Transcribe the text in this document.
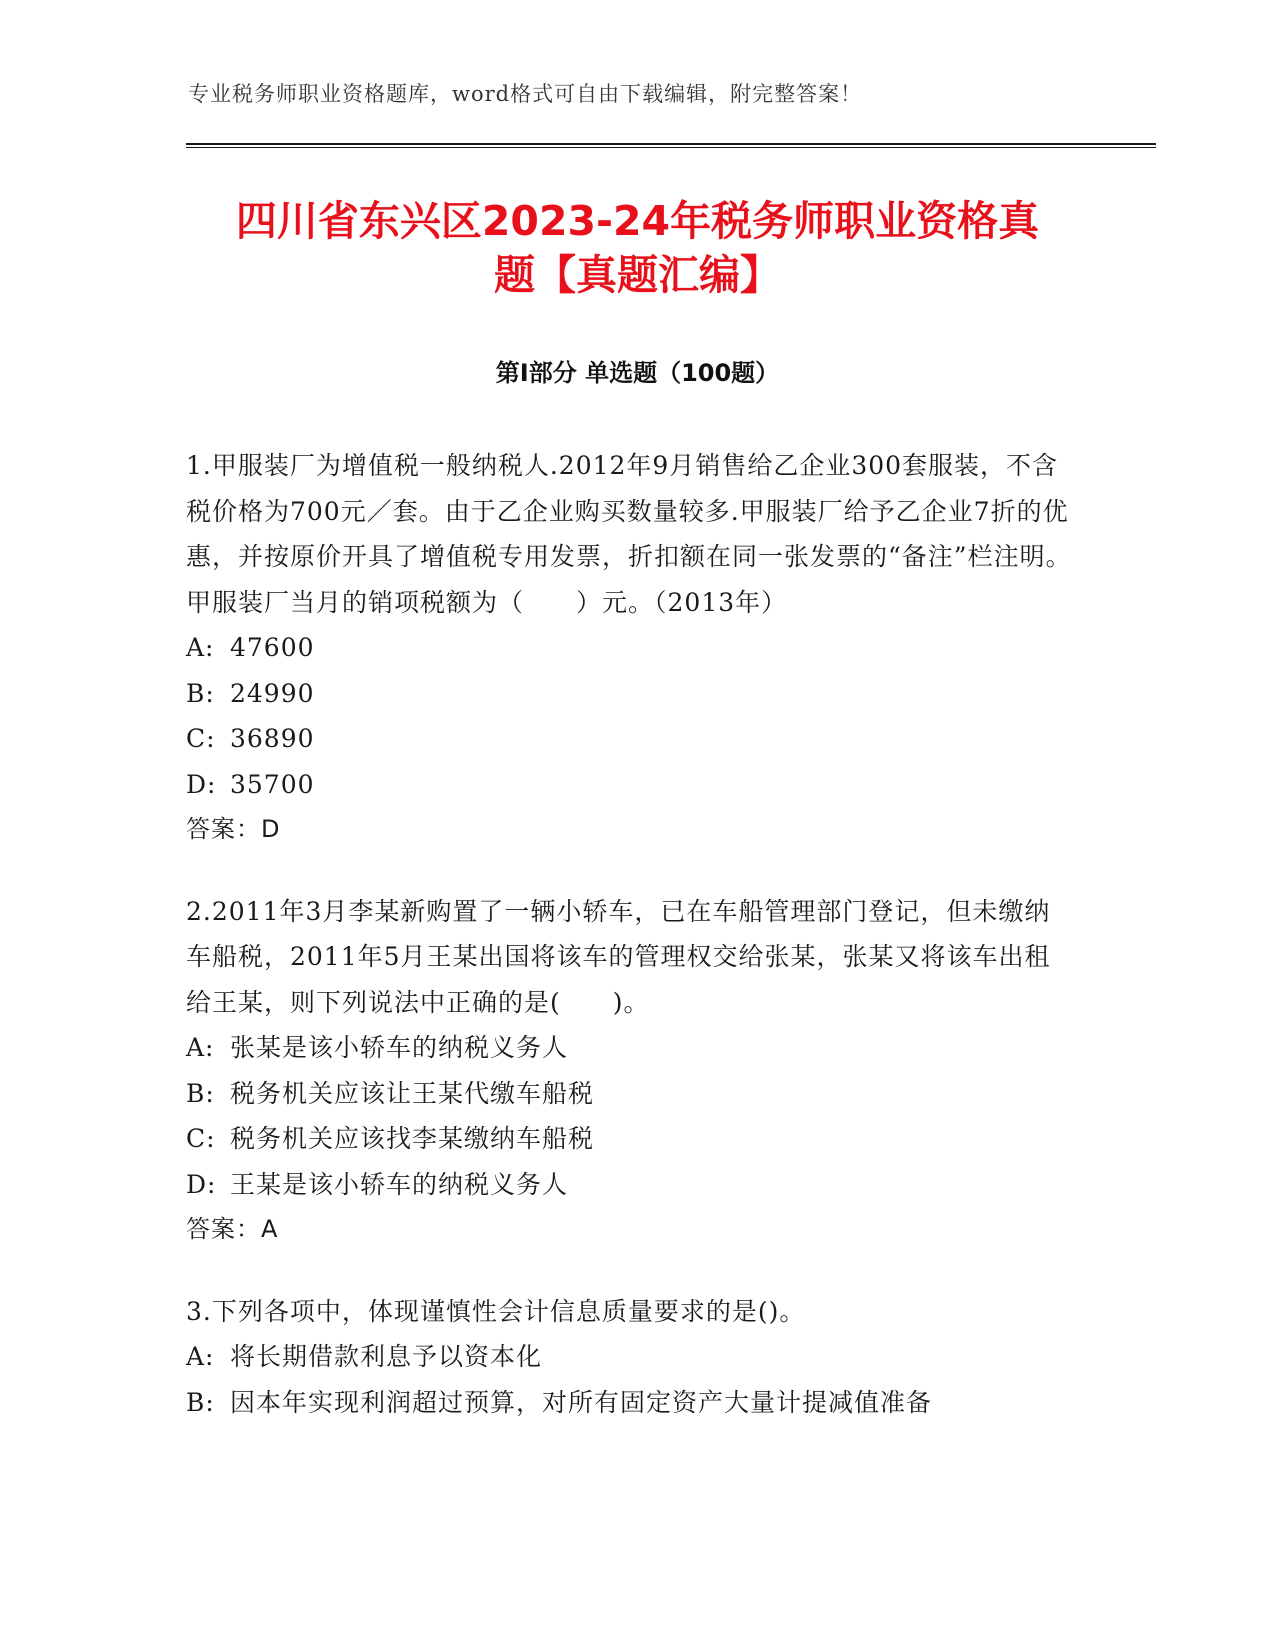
专业税务师职业资格题库，word格式可自由下载编辑，附完整答案！
四川省东兴区2023-24年税务师职业资格真
题【真题汇编】
第Ⅰ部分 单选题（100题）

1.甲服装厂为增值税一般纳税人.2012年9月销售给乙企业300套服装，不含税价格为700元／套。由于乙企业购买数量较多.甲服装厂给予乙企业7折的优惠，并按原价开具了增值税专用发票，折扣额在同一张发票的“备注”栏注明。甲服装厂当月的销项税额为（　　）元。（2013年）

A: 47600

B: 24990

C: 36890

D: 35700

答案：D

2.2011年3月李某新购置了一辆小轿车，已在车船管理部门登记，但未缴纳车船税，2011年5月王某出国将该车的管理权交给张某，张某又将该车出租给王某，则下列说法中正确的是(　　)。

A: 张某是该小轿车的纳税义务人

B: 税务机关应该让王某代缴车船税

C: 税务机关应该找李某缴纳车船税

D: 王某是该小轿车的纳税义务人

答案：A

3.下列各项中，体现谨慎性会计信息质量要求的是()。

A: 将长期借款利息予以资本化

B: 因本年实现利润超过预算，对所有固定资产大量计提减值准备
